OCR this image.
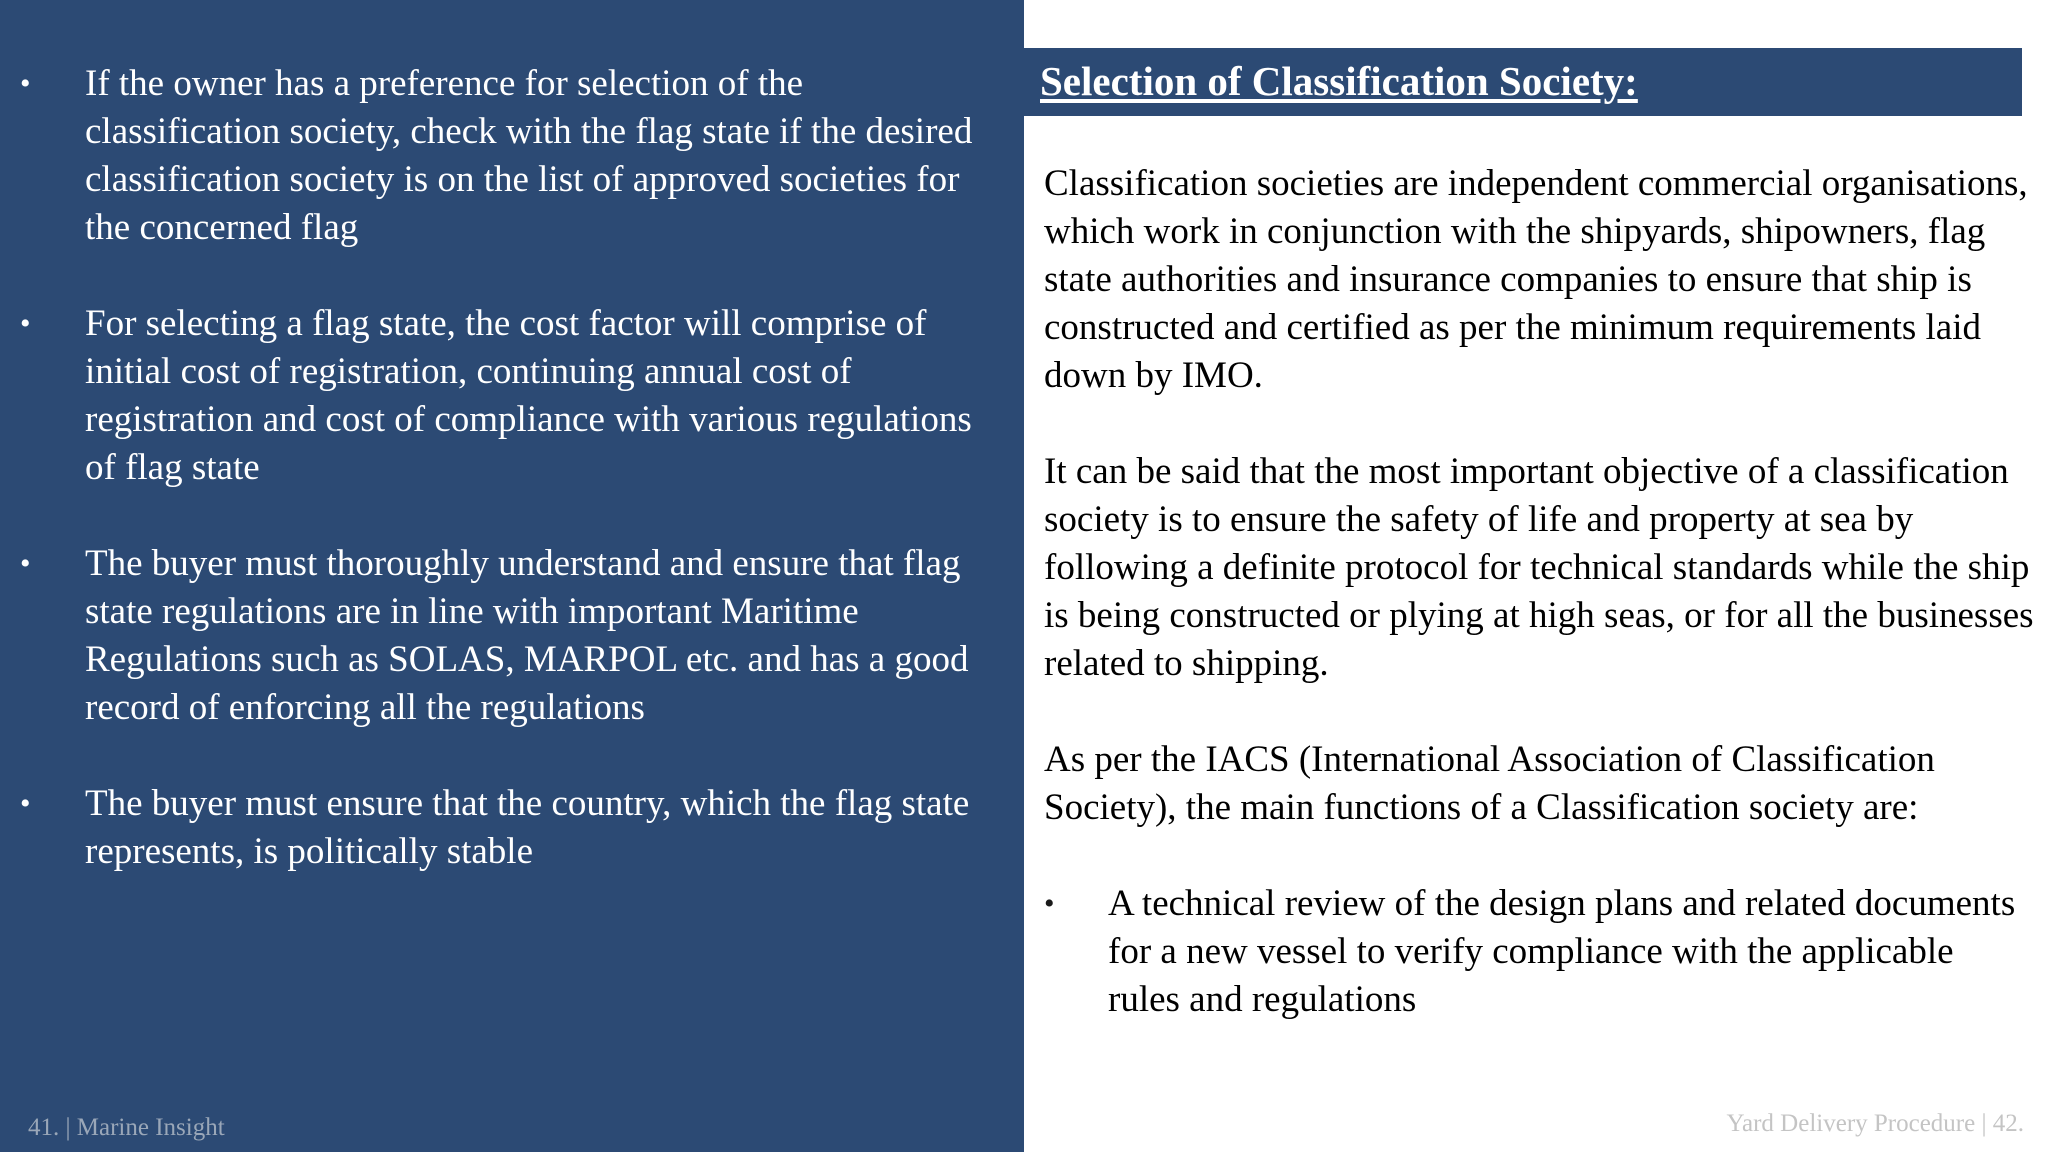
•	If the owner has a preference for selection of the classification society, check with the flag state if the desired classification society is on the list of approved societies for the concerned flag
•	For selecting a flag state, the cost factor will comprise of initial cost of registration, continuing annual cost of registration and cost of compliance with various regulations of flag state
•	The buyer must thoroughly understand and ensure that flag state regulations are in line with important Maritime Regulations such as SOLAS, MARPOL etc. and has a good record of enforcing all the regulations
•	The buyer must ensure that the country, which the flag state represents, is politically stable
41. | Marine Insight	Yard Delivery Procedure | 42.
Selection of Classification Society:

Classification societies are independent commercial organisations, which work in conjunction with the shipyards, shipowners, flag state authorities and insurance companies to ensure that ship is constructed and certified as per the minimum requirements laid down by IMO.

It can be said that the most important objective of a classification society is to ensure the safety of life and property at sea by following a definite protocol for technical standards while the ship is being constructed or plying at high seas, or for all the businesses related to shipping.

As per the IACS (International Association of Classification Society), the main functions of a Classification society are:

•	A technical review of the design plans and related documents for a new vessel to verify compliance with the applicable rules and regulations
